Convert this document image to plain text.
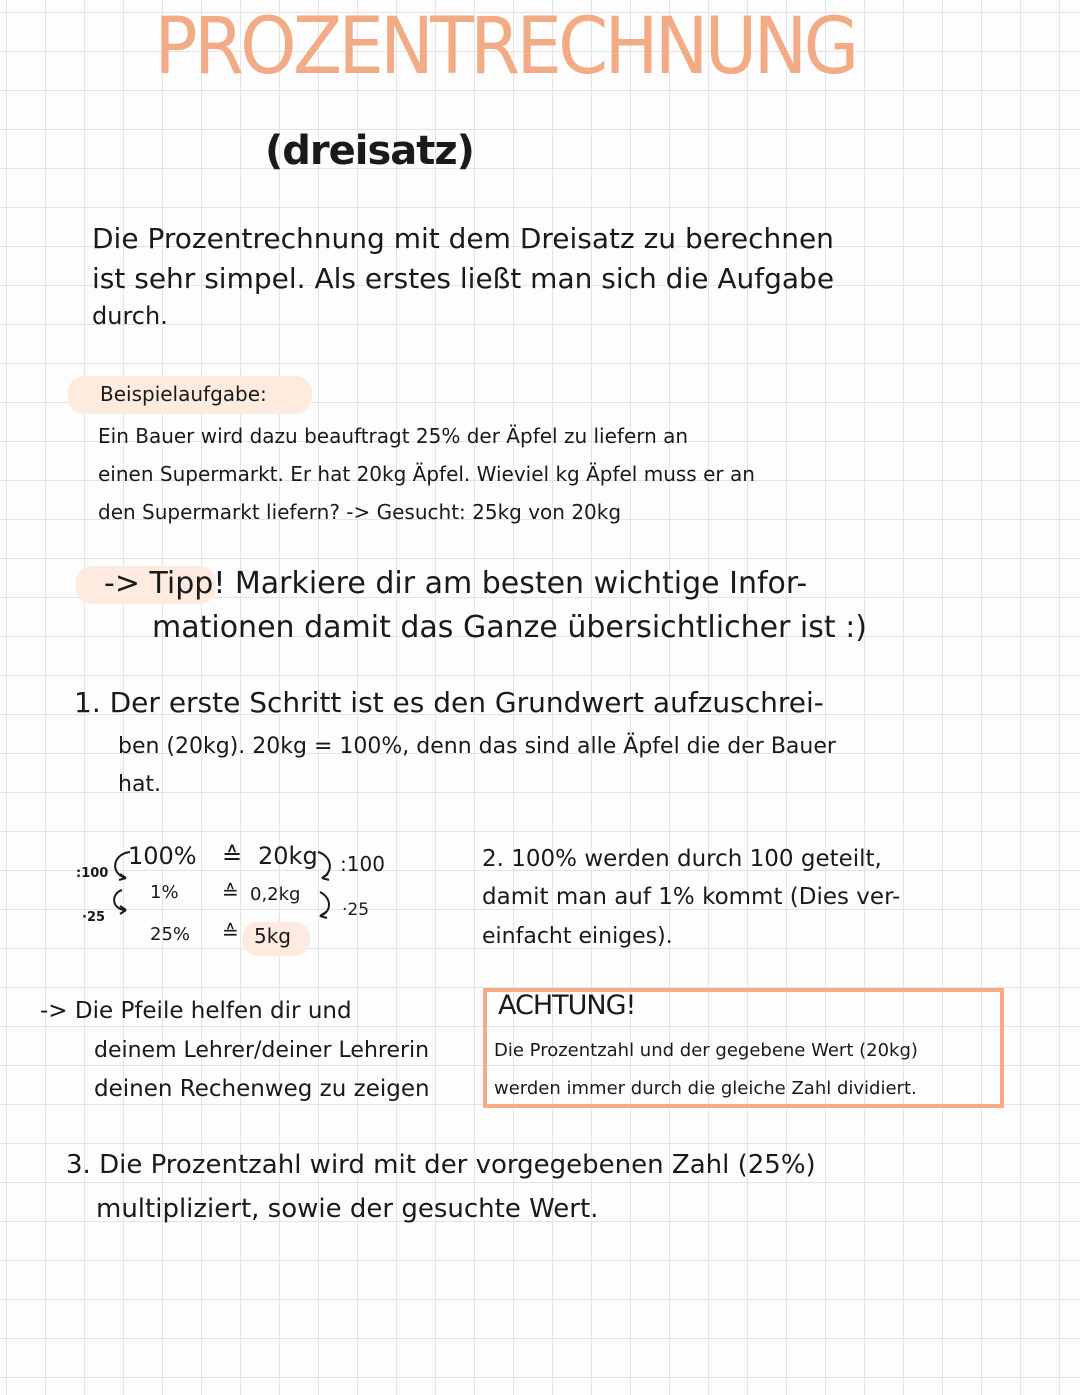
PROZENTRECHNUNG
(dreisatz)
Die Prozentrechnung mit dem Dreisatz zu berechnen
ist sehr simpel. Als erstes ließt man sich die Aufgabe
durch.
Beispielaufgabe:
Ein Bauer wird dazu beauftragt 25% der Äpfel zu liefern an
einen Supermarkt. Er hat 20kg Äpfel. Wieviel kg Äpfel muss er an
den Supermarkt liefern? -> Gesucht: 25kg von 20kg
-> Tipp! Markiere dir am besten wichtige Infor-
mationen damit das Ganze übersichtlicher ist :)
1. Der erste Schritt ist es den Grundwert aufzuschrei-
ben (20kg). 20kg = 100%, denn das sind alle Äpfel die der Bauer
hat.
:100
·25
100% ≙ 20kg
1% ≙ 0,2kg
25% ≙ 5kg
:100
·25
2. 100% werden durch 100 geteilt,
damit man auf 1% kommt (Dies ver-
einfacht einiges).
-> Die Pfeile helfen dir und
deinem Lehrer/deiner Lehrerin
deinen Rechenweg zu zeigen
ACHTUNG!
Die Prozentzahl und der gegebene Wert (20kg)
werden immer durch die gleiche Zahl dividiert.
3. Die Prozentzahl wird mit der vorgegebenen Zahl (25%)
multipliziert, sowie der gesuchte Wert.
